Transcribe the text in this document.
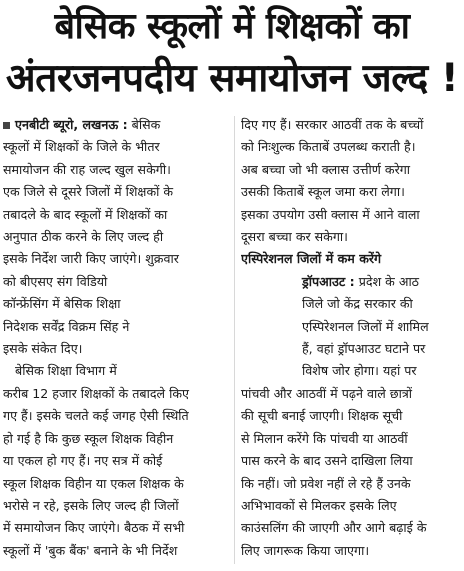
बेसिक स्कूलों में शिक्षकों का
अंतरजनपदीय समायोजन जल्द !
एनबीटी ब्यूरो, लखनऊ : बेसिक
स्कूलों में शिक्षकों के जिले के भीतर
समायोजन की राह जल्द खुल सकेगी।
एक जिले से दूसरे जिलों में शिक्षकों के
तबादले के बाद स्कूलों में शिक्षकों का
अनुपात ठीक करने के लिए जल्द ही
इसके निर्देश जारी किए जाएंगे। शुक्रवार
को बीएसए संग विडियो
कॉन्फ्रेंसिंग में बेसिक शिक्षा
निदेशक सर्वेंद्र विक्रम सिंह ने
इसके संकेत दिए।
बेसिक शिक्षा विभाग में
करीब 12 हजार शिक्षकों के तबादले किए
गए हैं। इसके चलते कई जगह ऐसी स्थिति
हो गई है कि कुछ स्कूल शिक्षक विहीन
या एकल हो गए हैं। नए सत्र में कोई
स्कूल शिक्षक विहीन या एकल शिक्षक के
भरोसे न रहे, इसके लिए जल्द ही जिलों
में समायोजन किए जाएंगे। बैठक में सभी
स्कूलों में 'बुक बैंक' बनाने के भी निर्देश
दिए गए हैं। सरकार आठवीं तक के बच्चों
को निःशुल्क किताबें उपलब्ध कराती है।
अब बच्चा जो भी क्लास उत्तीर्ण करेगा
उसकी किताबें स्कूल जमा करा लेगा।
इसका उपयोग उसी क्लास में आने वाला
दूसरा बच्चा कर सकेगा।
एस्पिरेशनल जिलों में कम करेंगे
ड्रॉपआउट : प्रदेश के आठ
जिले जो केंद्र सरकार की
एस्पिरेशनल जिलों में शामिल
हैं, वहां ड्रॉपआउट घटाने पर
विशेष जोर होगा। यहां पर
पांचवी और आठवीं में पढ़ने वाले छात्रों
की सूची बनाई जाएगी। शिक्षक सूची
से मिलान करेंगे कि पांचवी या आठवीं
पास करने के बाद उसने दाखिला लिया
कि नहीं। जो प्रवेश नहीं ले रहे हैं उनके
अभिभावकों से मिलकर इसके लिए
काउंसलिंग की जाएगी और आगे बढ़ाई के
लिए जागरूक किया जाएगा।
